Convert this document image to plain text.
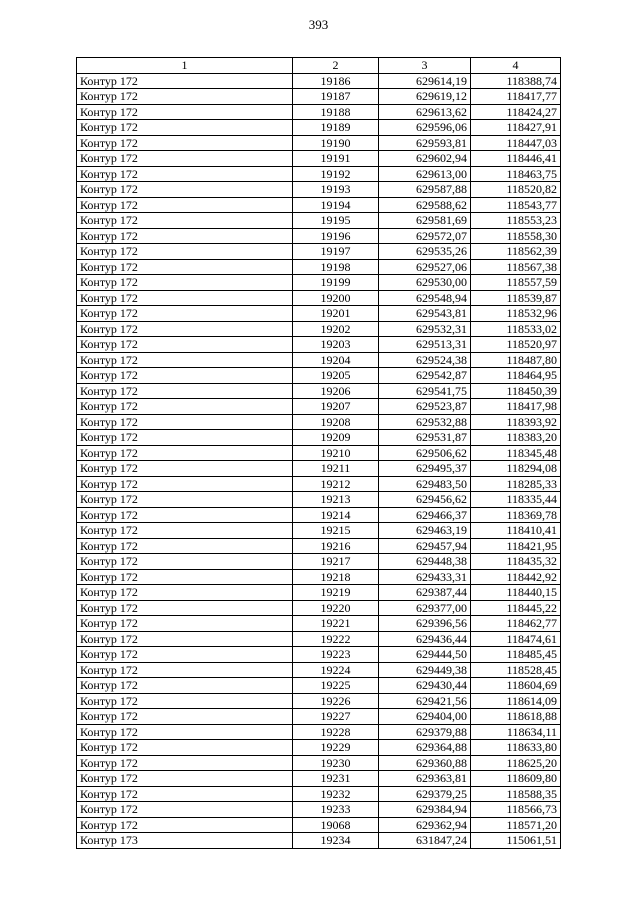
393
1	2	3	4
Контур 172	19186	629614,19	118388,74
Контур 172	19187	629619,12	118417,77
Контур 172	19188	629613,62	118424,27
Контур 172	19189	629596,06	118427,91
Контур 172	19190	629593,81	118447,03
Контур 172	19191	629602,94	118446,41
Контур 172	19192	629613,00	118463,75
Контур 172	19193	629587,88	118520,82
Контур 172	19194	629588,62	118543,77
Контур 172	19195	629581,69	118553,23
Контур 172	19196	629572,07	118558,30
Контур 172	19197	629535,26	118562,39
Контур 172	19198	629527,06	118567,38
Контур 172	19199	629530,00	118557,59
Контур 172	19200	629548,94	118539,87
Контур 172	19201	629543,81	118532,96
Контур 172	19202	629532,31	118533,02
Контур 172	19203	629513,31	118520,97
Контур 172	19204	629524,38	118487,80
Контур 172	19205	629542,87	118464,95
Контур 172	19206	629541,75	118450,39
Контур 172	19207	629523,87	118417,98
Контур 172	19208	629532,88	118393,92
Контур 172	19209	629531,87	118383,20
Контур 172	19210	629506,62	118345,48
Контур 172	19211	629495,37	118294,08
Контур 172	19212	629483,50	118285,33
Контур 172	19213	629456,62	118335,44
Контур 172	19214	629466,37	118369,78
Контур 172	19215	629463,19	118410,41
Контур 172	19216	629457,94	118421,95
Контур 172	19217	629448,38	118435,32
Контур 172	19218	629433,31	118442,92
Контур 172	19219	629387,44	118440,15
Контур 172	19220	629377,00	118445,22
Контур 172	19221	629396,56	118462,77
Контур 172	19222	629436,44	118474,61
Контур 172	19223	629444,50	118485,45
Контур 172	19224	629449,38	118528,45
Контур 172	19225	629430,44	118604,69
Контур 172	19226	629421,56	118614,09
Контур 172	19227	629404,00	118618,88
Контур 172	19228	629379,88	118634,11
Контур 172	19229	629364,88	118633,80
Контур 172	19230	629360,88	118625,20
Контур 172	19231	629363,81	118609,80
Контур 172	19232	629379,25	118588,35
Контур 172	19233	629384,94	118566,73
Контур 172	19068	629362,94	118571,20
Контур 173	19234	631847,24	115061,51
